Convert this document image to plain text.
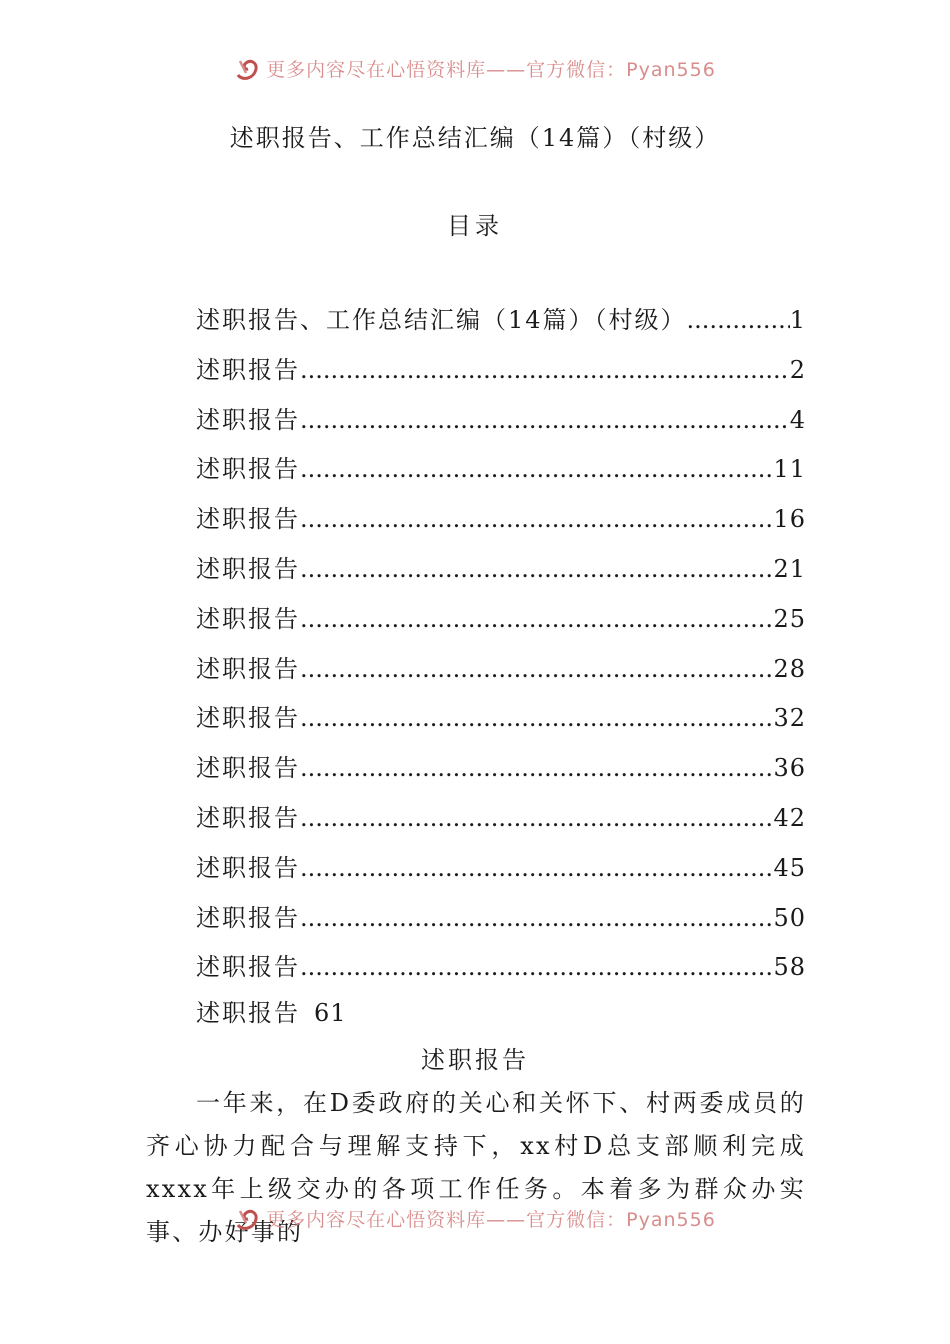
更多内容尽在心悟资料库——官方微信：Pyan556
述职报告、工作总结汇编（14篇）（村级）
目录
述职报告、工作总结汇编（14篇）（村级） .....	1
述职报告 .....	2
述职报告 .....	4
述职报告 .....	11
述职报告 .....	16
述职报告 .....	21
述职报告 .....	25
述职报告 .....	28
述职报告 .....	32
述职报告 .....	36
述职报告 .....	42
述职报告 .....	45
述职报告 .....	50
述职报告 .....	58
述职报告 61
述职报告

一年来，在D委政府的关心和关怀下、村两委成员的齐心协力配合与理解支持下，xx村D总支部顺利完成xxxx年上级交办的各项工作任务。本着多为群众办实事、办好事的

更多内容尽在心悟资料库——官方微信：Pyan556
